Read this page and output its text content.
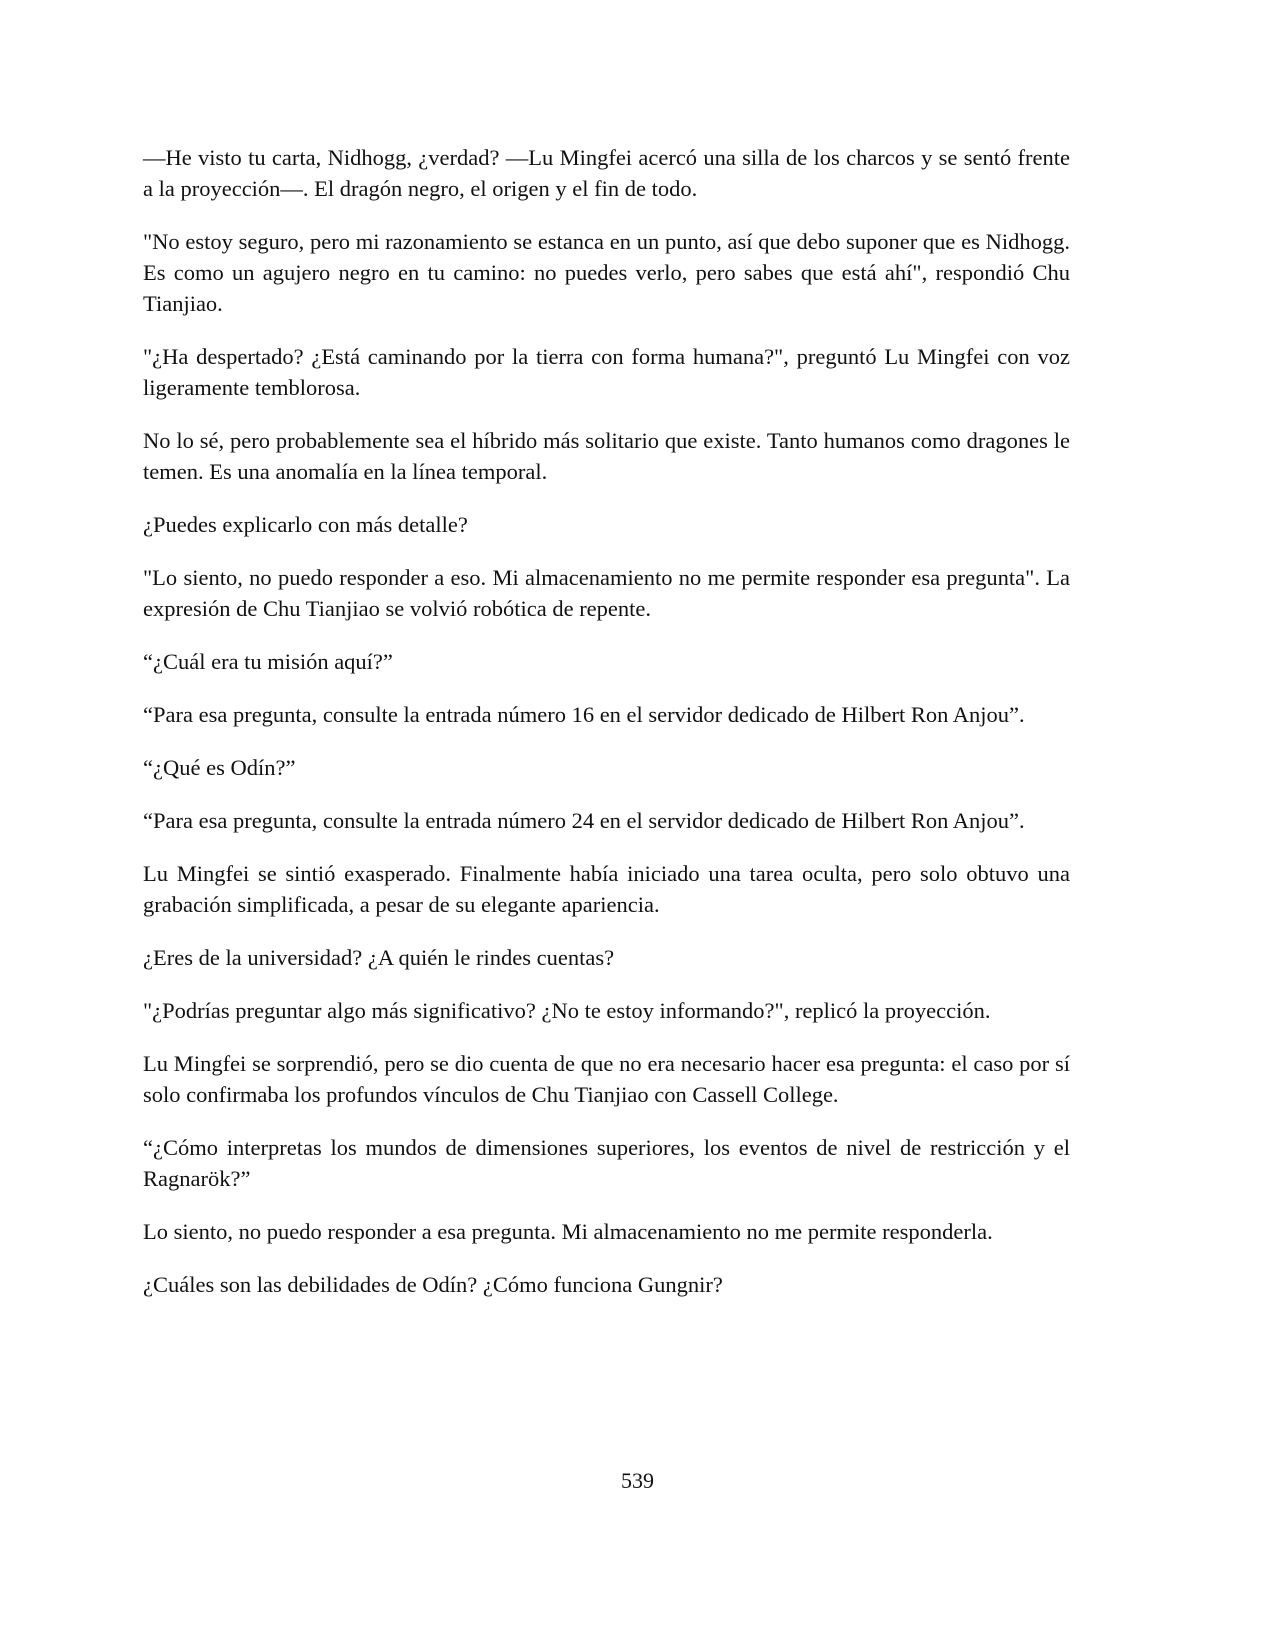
—He visto tu carta, Nidhogg, ¿verdad? —Lu Mingfei acercó una silla de los charcos y se sentó frente a la proyección—. El dragón negro, el origen y el fin de todo.

"No estoy seguro, pero mi razonamiento se estanca en un punto, así que debo suponer que es Nidhogg. Es como un agujero negro en tu camino: no puedes verlo, pero sabes que está ahí", respondió Chu Tianjiao.

"¿Ha despertado? ¿Está caminando por la tierra con forma humana?", preguntó Lu Mingfei con voz ligeramente temblorosa.

No lo sé, pero probablemente sea el híbrido más solitario que existe. Tanto humanos como dragones le temen. Es una anomalía en la línea temporal.

¿Puedes explicarlo con más detalle?

"Lo siento, no puedo responder a eso. Mi almacenamiento no me permite responder esa pregunta". La expresión de Chu Tianjiao se volvió robótica de repente.

“¿Cuál era tu misión aquí?”

“Para esa pregunta, consulte la entrada número 16 en el servidor dedicado de Hilbert Ron Anjou”.

“¿Qué es Odín?”

“Para esa pregunta, consulte la entrada número 24 en el servidor dedicado de Hilbert Ron Anjou”.

Lu Mingfei se sintió exasperado. Finalmente había iniciado una tarea oculta, pero solo obtuvo una grabación simplificada, a pesar de su elegante apariencia.

¿Eres de la universidad? ¿A quién le rindes cuentas?

"¿Podrías preguntar algo más significativo? ¿No te estoy informando?", replicó la proyección.

Lu Mingfei se sorprendió, pero se dio cuenta de que no era necesario hacer esa pregunta: el caso por sí solo confirmaba los profundos vínculos de Chu Tianjiao con Cassell College.

“¿Cómo interpretas los mundos de dimensiones superiores, los eventos de nivel de restricción y el Ragnarök?”

Lo siento, no puedo responder a esa pregunta. Mi almacenamiento no me permite responderla.

¿Cuáles son las debilidades de Odín? ¿Cómo funciona Gungnir?

539
